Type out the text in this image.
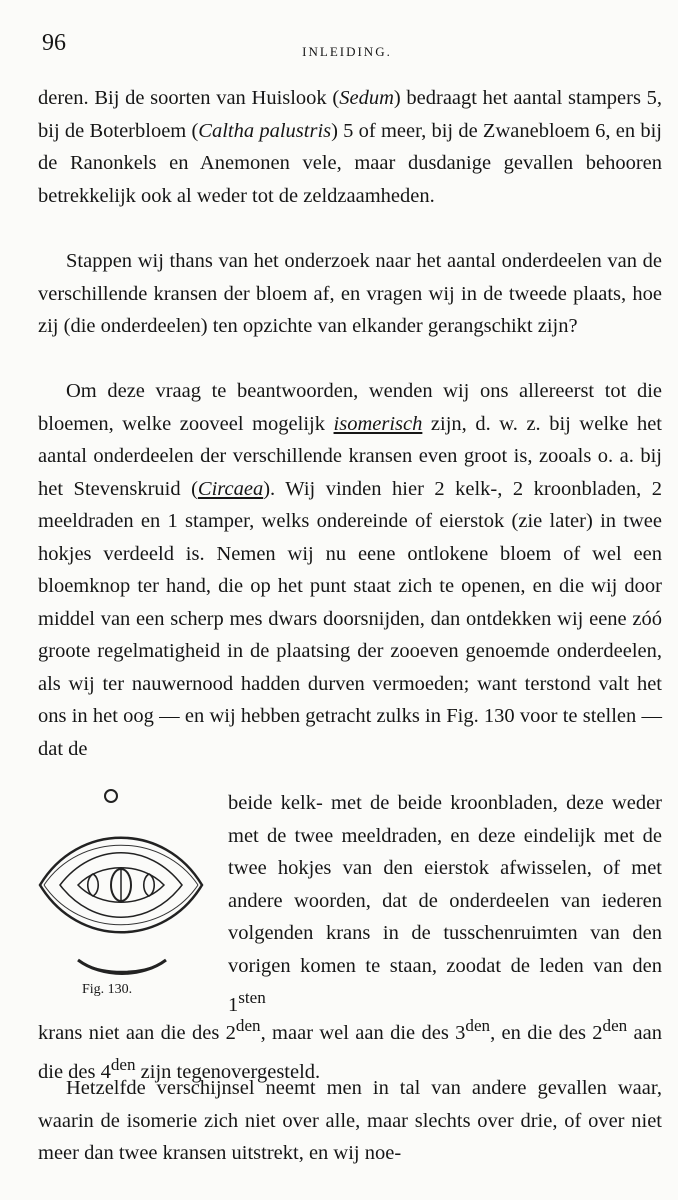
96	INLEIDING.

deren. Bij de soorten van Huislook (Sedum) bedraagt het aantal stampers 5, bij de Boterbloem (Caltha palustris) 5 of meer, bij de Zwanebloem 6, en bij de Ranonkels en Anemonen vele, maar dusdanige gevallen behooren betrekkelijk ook al weder tot de zeldzaamheden.

Stappen wij thans van het onderzoek naar het aantal onderdeelen van de verschillende kransen der bloem af, en vragen wij in de tweede plaats, hoe zij (die onderdeelen) ten opzichte van elkander gerangschikt zijn?

Om deze vraag te beantwoorden, wenden wij ons allereerst tot die bloemen, welke zooveel mogelijk isomerisch zijn, d. w. z. bij welke het aantal onderdeelen der verschillende kransen even groot is, zooals o. a. bij het Stevenskruid (Circaea). Wij vinden hier 2 kelk-, 2 kroonbladen, 2 meeldraden en 1 stamper, welks ondereinde of eierstok (zie later) in twee hokjes verdeeld is. Nemen wij nu eene ontlokene bloem of wel een bloemknop ter hand, die op het punt staat zich te openen, en die wij door middel van een scherp mes dwars doorsnijden, dan ontdekken wij eene zóó groote regelmatigheid in de plaatsing der zooeven genoemde onderdeelen, als wij ter nauwernood hadden durven vermoeden; want terstond valt het ons in het oog — en wij hebben getracht zulks in Fig. 130 voor te stellen — dat de

Fig. 130.

beide kelk- met de beide kroonbladen, deze weder met de twee meeldraden, en deze eindelijk met de twee hokjes van den eierstok afwisselen, of met andere woorden, dat de onderdeelen van iederen volgenden krans in de tusschenruimten van den vorigen komen te staan, zoodat de leden van den $1^{sten}$

krans niet aan die des $2^{den}$, maar wel aan die des $3^{den}$, en die des $2^{den}$ aan die des $4^{den}$ zijn tegenovergesteld.

Hetzelfde verschijnsel neemt men in tal van andere gevallen waar, waarin de isomerie zich niet over alle, maar slechts over drie, of over niet meer dan twee kransen uitstrekt, en wij noe-
